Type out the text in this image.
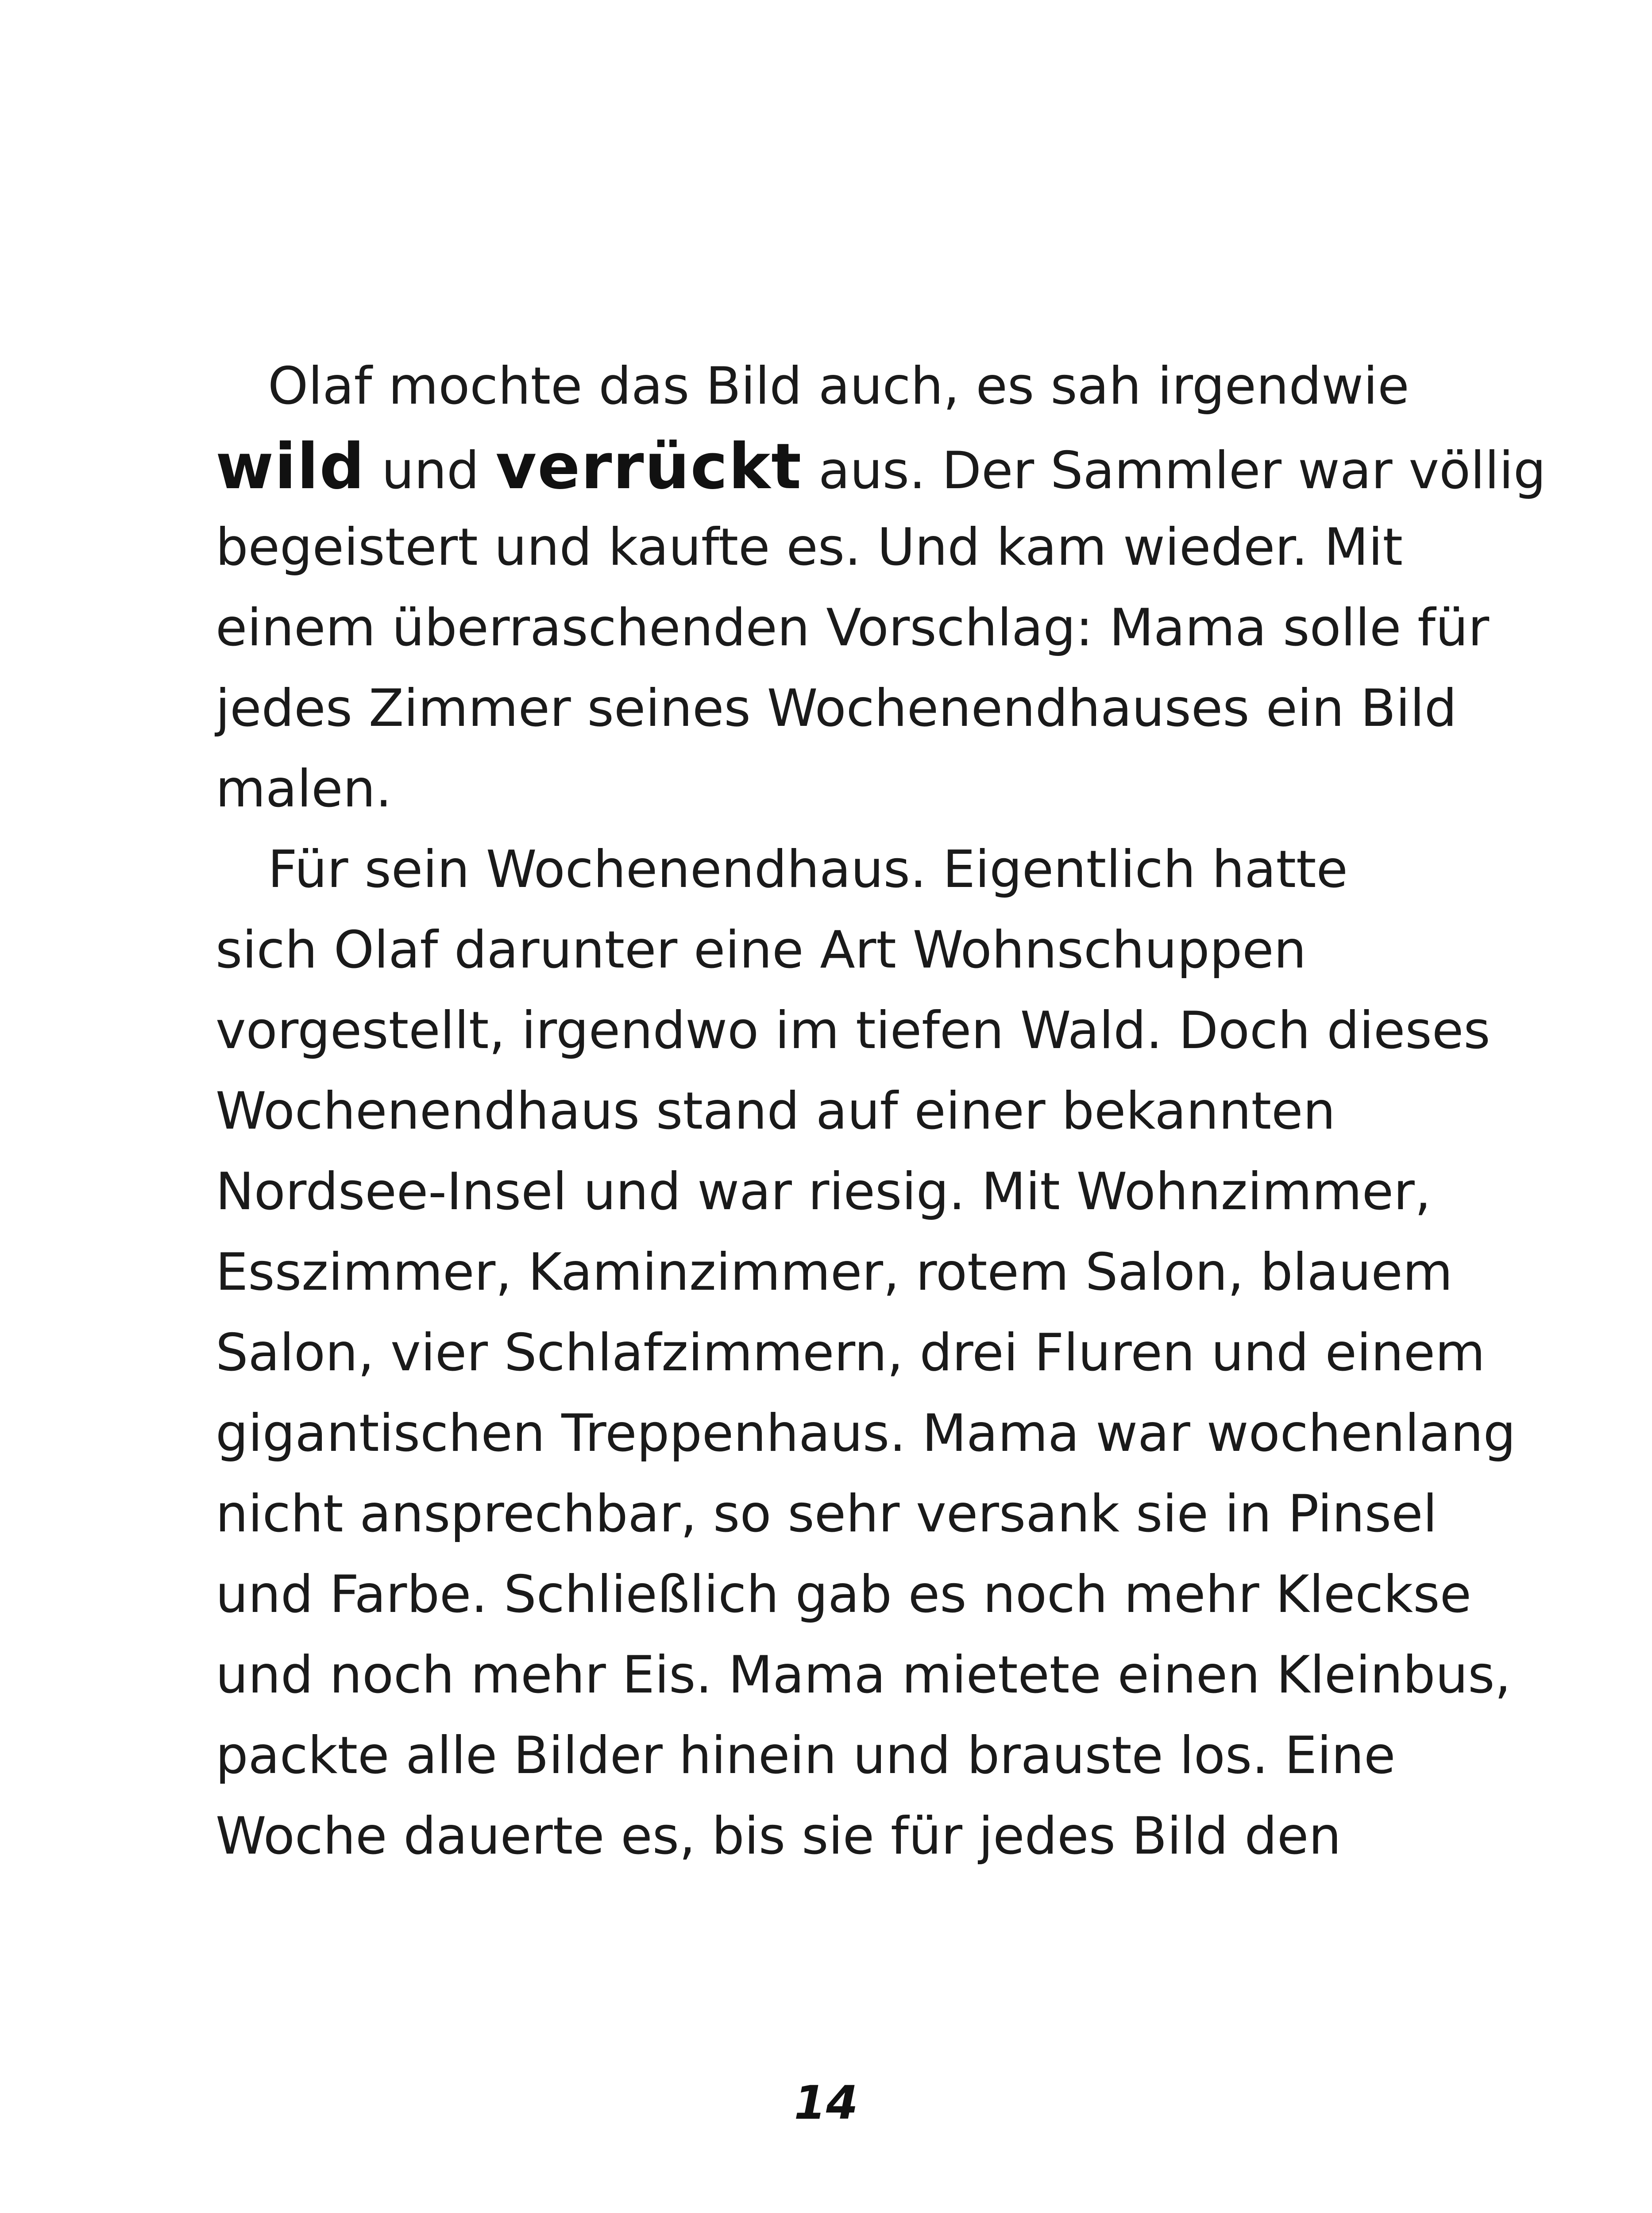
Olaf mochte das Bild auch, es sah irgendwie
wild und verrückt aus. Der Sammler war völlig
begeistert und kaufte es. Und kam wieder. Mit
einem überraschenden Vorschlag: Mama solle für
jedes Zimmer seines Wochenendhauses ein Bild
malen.
Für sein Wochenendhaus. Eigentlich hatte
sich Olaf darunter eine Art Wohnschuppen
vorgestellt, irgendwo im tiefen Wald. Doch dieses
Wochenendhaus stand auf einer bekannten
Nordsee-Insel und war riesig. Mit Wohnzimmer,
Esszimmer, Kaminzimmer, rotem Salon, blauem
Salon, vier Schlafzimmern, drei Fluren und einem
gigantischen Treppenhaus. Mama war wochenlang
nicht ansprechbar, so sehr versank sie in Pinsel
und Farbe. Schließlich gab es noch mehr Kleckse
und noch mehr Eis. Mama mietete einen Kleinbus,
packte alle Bilder hinein und brauste los. Eine
Woche dauerte es, bis sie für jedes Bild den
14
